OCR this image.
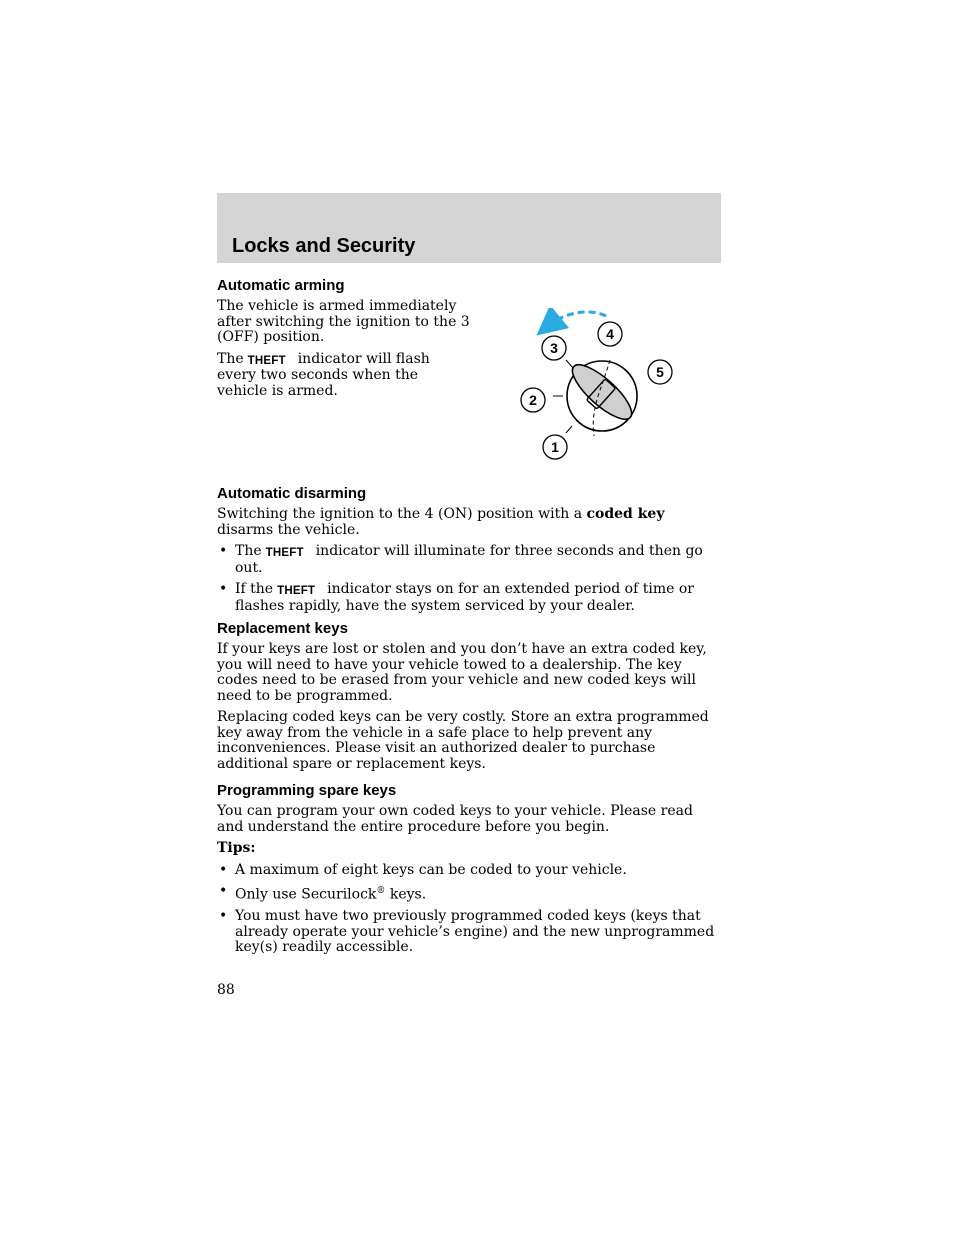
Locks and Security
Automatic arming
The vehicle is armed immediately after switching the ignition to the 3 (OFF) position.
The THEFT indicator will flash every two seconds when the vehicle is armed.
Automatic disarming
Switching the ignition to the 4 (ON) position with a coded key disarms the vehicle.
• The THEFT indicator will illuminate for three seconds and then go out.
• If the THEFT indicator stays on for an extended period of time or flashes rapidly, have the system serviced by your dealer.
Replacement keys
If your keys are lost or stolen and you don’t have an extra coded key, you will need to have your vehicle towed to a dealership. The key codes need to be erased from your vehicle and new coded keys will need to be programmed.
Replacing coded keys can be very costly. Store an extra programmed key away from the vehicle in a safe place to help prevent any inconveniences. Please visit an authorized dealer to purchase additional spare or replacement keys.
Programming spare keys
You can program your own coded keys to your vehicle. Please read and understand the entire procedure before you begin.
Tips:
• A maximum of eight keys can be coded to your vehicle.
• Only use Securilock® keys.
• You must have two previously programmed coded keys (keys that already operate your vehicle’s engine) and the new unprogrammed key(s) readily accessible.
3
4
5
2
1
88
